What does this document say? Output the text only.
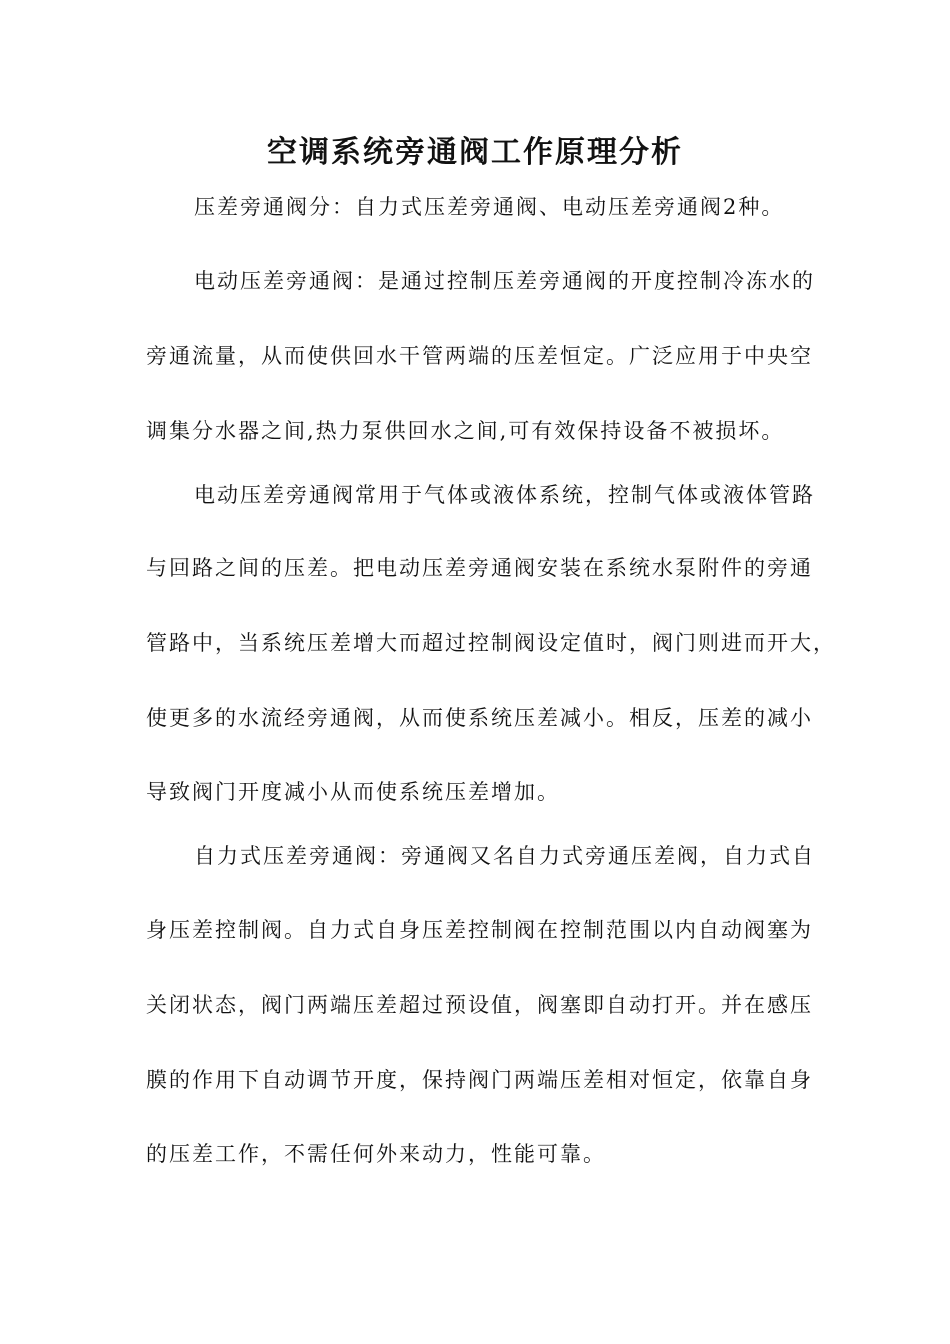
空调系统旁通阀工作原理分析

压差旁通阀分：自力式压差旁通阀、电动压差旁通阀2种。

电动压差旁通阀：是通过控制压差旁通阀的开度控制冷冻水的

旁通流量，从而使供回水干管两端的压差恒定。广泛应用于中央空

调集分水器之间,热力泵供回水之间,可有效保持设备不被损坏。

电动压差旁通阀常用于气体或液体系统，控制气体或液体管路

与回路之间的压差。把电动压差旁通阀安装在系统水泵附件的旁通

管路中，当系统压差增大而超过控制阀设定值时，阀门则进而开大，

使更多的水流经旁通阀，从而使系统压差减小。相反，压差的减小

导致阀门开度减小从而使系统压差增加。

自力式压差旁通阀：旁通阀又名自力式旁通压差阀，自力式自

身压差控制阀。自力式自身压差控制阀在控制范围以内自动阀塞为

关闭状态，阀门两端压差超过预设值，阀塞即自动打开。并在感压

膜的作用下自动调节开度，保持阀门两端压差相对恒定，依靠自身

的压差工作，不需任何外来动力，性能可靠。
